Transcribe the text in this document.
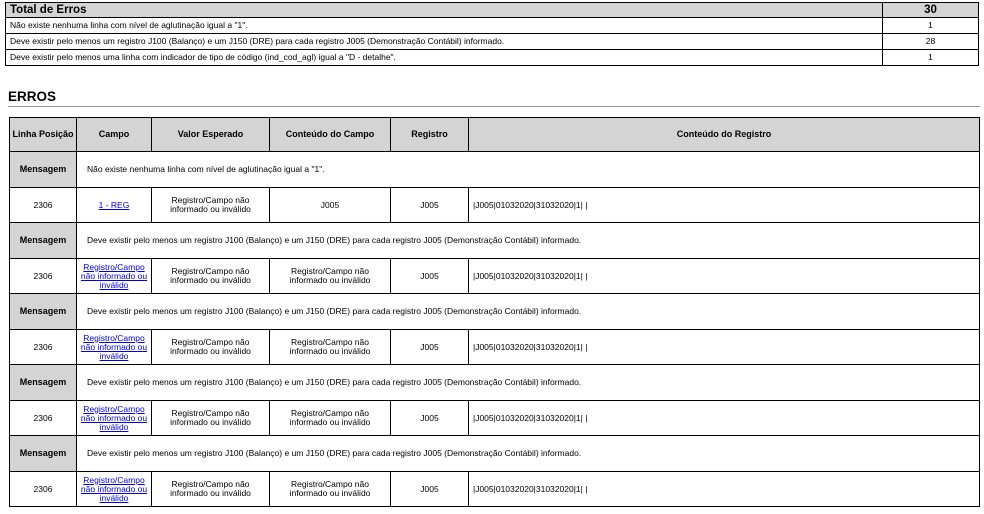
Total de Erros	30
Não existe nenhuma linha com nível de aglutinação igual a "1".	1
Deve existir pelo menos um registro J100 (Balanço) e um J150 (DRE) para cada registro J005 (Demonstração Contábil) informado.	28
Deve existir pelo menos uma linha com indicador de tipo de código (ind_cod_agl) igual a "D - detalhe".	1
ERROS
Linha Posição	Campo	Valor Esperado	Conteúdo do Campo	Registro	Conteúdo do Registro
Mensagem	Não existe nenhuma linha com nível de aglutinação igual a "1".				
2306	1 - REG	Registro/Campo não informado ou inválido	J005	J005	|J005|01032020|31032020|1| |
Mensagem	Deve existir pelo menos um registro J100 (Balanço) e um J150 (DRE) para cada registro J005 (Demonstração Contábil) informado.				
2306	Registro/Campo não informado ou inválido	Registro/Campo não informado ou inválido	Registro/Campo não informado ou inválido	J005	|J005|01032020|31032020|1| |
Mensagem	Deve existir pelo menos um registro J100 (Balanço) e um J150 (DRE) para cada registro J005 (Demonstração Contábil) informado.				
2306	Registro/Campo não informado ou inválido	Registro/Campo não informado ou inválido	Registro/Campo não informado ou inválido	J005	|J005|01032020|31032020|1| |
Mensagem	Deve existir pelo menos um registro J100 (Balanço) e um J150 (DRE) para cada registro J005 (Demonstração Contábil) informado.				
2306	Registro/Campo não informado ou inválido	Registro/Campo não informado ou inválido	Registro/Campo não informado ou inválido	J005	|J005|01032020|31032020|1| |
Mensagem	Deve existir pelo menos um registro J100 (Balanço) e um J150 (DRE) para cada registro J005 (Demonstração Contábil) informado.				
2306	Registro/Campo não informado ou inválido	Registro/Campo não informado ou inválido	Registro/Campo não informado ou inválido	J005	|J005|01032020|31032020|1| |
